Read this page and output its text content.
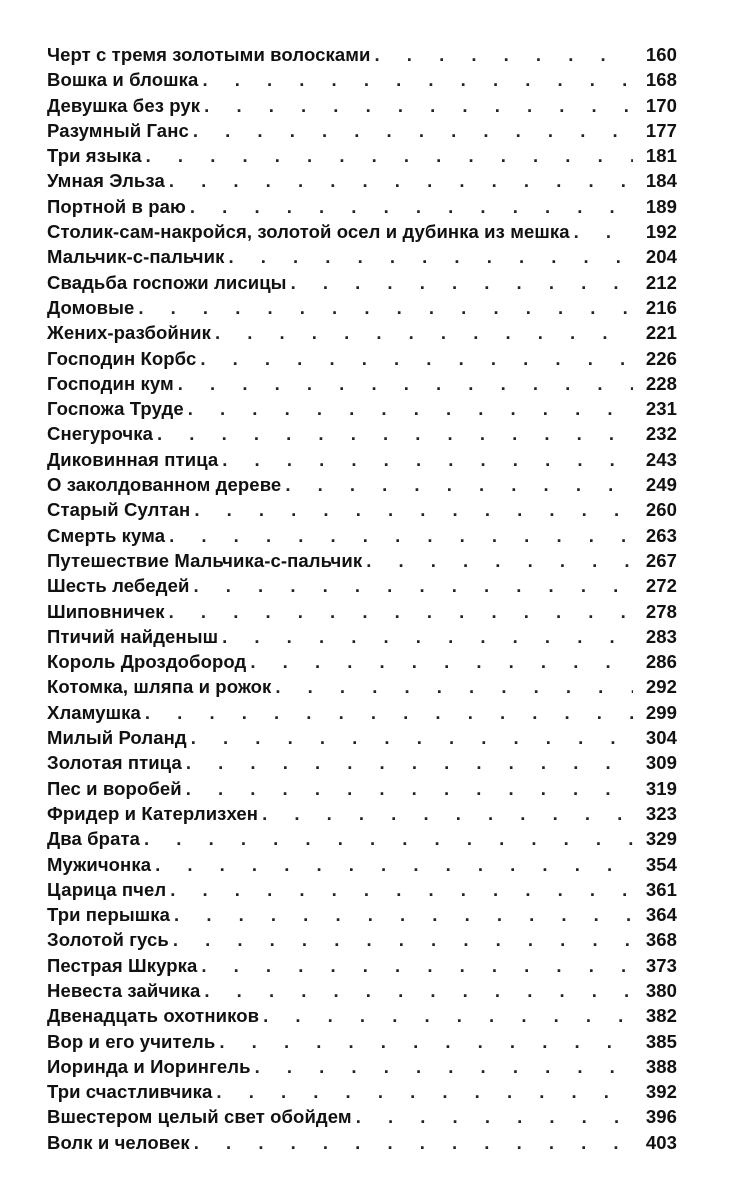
Черт с тремя золотыми волосками . . .	160
Вошка и блошка . . .	168
Девушка без рук . . .	170
Разумный Ганс . . .	177
Три языка . . .	181
Умная Эльза . . .	184
Портной в раю . . .	189
Столик-сам-накройся, золотой осел и дубинка из мешка . . .	192
Мальчик-с-пальчик . . .	204
Свадьба госпожи лисицы . . .	212
Домовые . . .	216
Жених-разбойник . . .	221
Господин Корбс . . .	226
Господин кум . . .	228
Госпожа Труде . . .	231
Снегурочка . . .	232
Диковинная птица . . .	243
О заколдованном дереве . . .	249
Старый Султан . . .	260
Смерть кума . . .	263
Путешествие Мальчика-с-пальчик . . .	267
Шесть лебедей . . .	272
Шиповничек . . .	278
Птичий найденыш . . .	283
Король Дроздобород . . .	286
Котомка, шляпа и рожок . . .	292
Хламушка . . .	299
Милый Роланд . . .	304
Золотая птица . . .	309
Пес и воробей . . .	319
Фридер и Катерлизхен . . .	323
Два брата . . .	329
Мужичонка . . .	354
Царица пчел . . .	361
Три перышка . . .	364
Золотой гусь . . .	368
Пестрая Шкурка . . .	373
Невеста зайчика . . .	380
Двенадцать охотников . . .	382
Вор и его учитель . . .	385
Иоринда и Иорингель . . .	388
Три счастливчика . . .	392
Вшестером целый свет обойдем . . .	396
Волк и человек . . .	403
